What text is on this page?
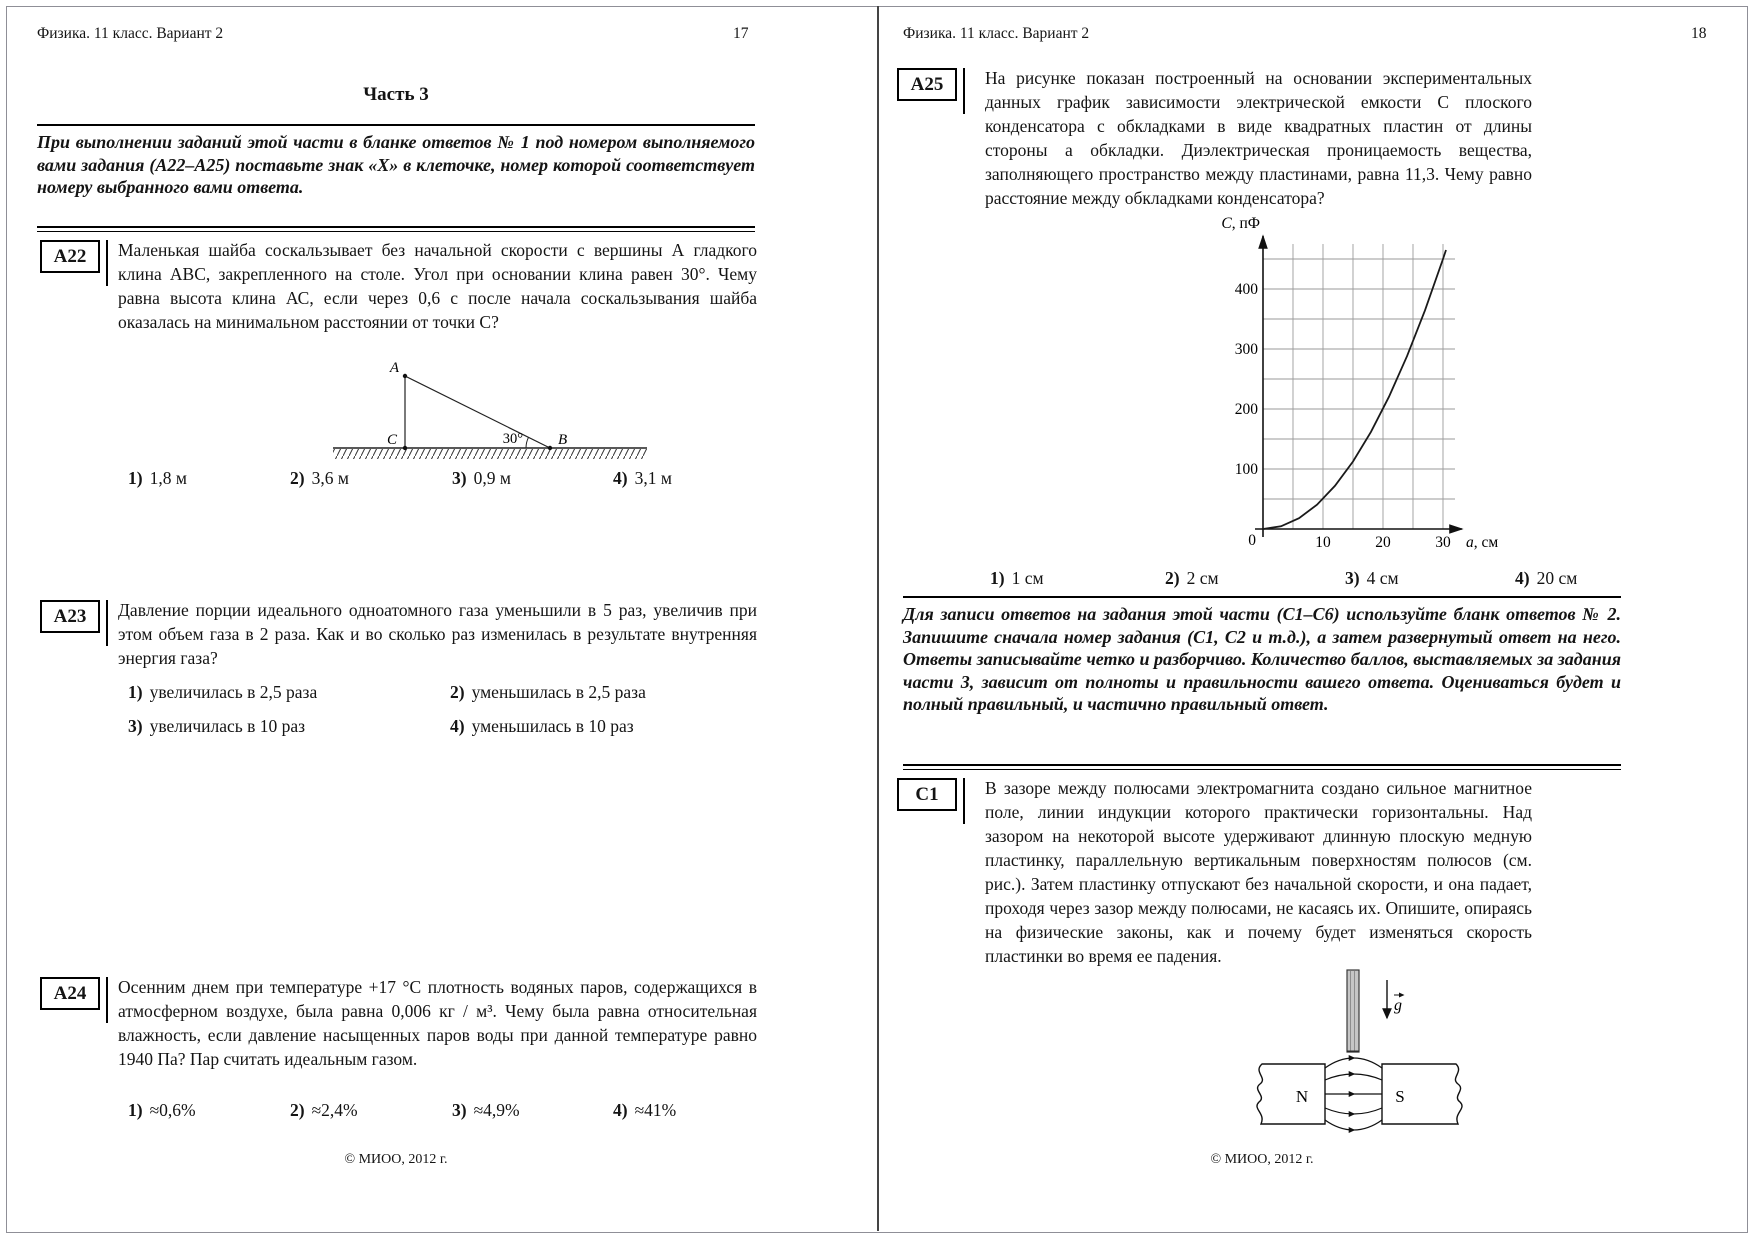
Физика. 11 класс. Вариант 2	17
Часть 3
При выполнении заданий этой части в бланке ответов № 1 под номером выполняемого вами задания (А22–А25) поставьте знак «Х» в клеточке, номер которой соответствует номеру выбранного вами ответа.
А22	Маленькая шайба соскальзывает без начальной скорости с вершины А гладкого клина АВС, закрепленного на столе. Угол при основании клина равен 30°. Чему равна высота клина АС, если через 0,6 с после начала соскальзывания шайба оказалась на минимальном расстоянии от точки С?
A
C	B
30°
1) 1,8 м	2) 3,6 м	3) 0,9 м	4) 3,1 м
А23	Давление порции идеального одноатомного газа уменьшили в 5 раз, увеличив при этом объем газа в 2 раза. Как и во сколько раз изменилась в результате внутренняя энергия газа?
1) увеличилась в 2,5 раза	2) уменьшилась в 2,5 раза
3) увеличилась в 10 раз	4) уменьшилась в 10 раз
А24	Осенним днем при температуре +17 °С плотность водяных паров, содержащихся в атмосферном воздухе, была равна 0,006 кг / м³. Чему была равна относительная влажность, если давление насыщенных паров воды при данной температуре равно 1940 Па? Пар считать идеальным газом.
1) ≈0,6%	2) ≈2,4%	3) ≈4,9%	4) ≈41%
© МИОО, 2012 г.
Физика. 11 класс. Вариант 2	18
А25	На рисунке показан построенный на основании экспериментальных данных график зависимости электрической емкости С плоского конденсатора с обкладками в виде квадратных пластин от длины стороны а обкладки. Диэлектрическая проницаемость вещества, заполняющего пространство между пластинами, равна 11,3. Чему равно расстояние между обкладками конденсатора?
С, пФ
а, см
0
100
200
300
400
10	20	30
1) 1 см	2) 2 см	3) 4 см	4) 20 см
Для записи ответов на задания этой части (С1–С6) используйте бланк ответов № 2. Запишите сначала номер задания (С1, С2 и т.д.), а затем развернутый ответ на него. Ответы записывайте четко и разборчиво. Количество баллов, выставляемых за задания части 3, зависит от полноты и правильности вашего ответа. Оцениваться будет и полный правильный, и частично правильный ответ.
С1	В зазоре между полюсами электромагнита создано сильное магнитное поле, линии индукции которого практически горизонтальны. Над зазором на некоторой высоте удерживают длинную плоскую медную пластинку, параллельную вертикальным поверхностям полюсов (см. рис.). Затем пластинку отпускают без начальной скорости, и она падает, проходя через зазор между полюсами, не касаясь их. Опишите, опираясь на физические законы, как и почему будет изменяться скорость пластинки во время ее падения.
g
N	S
© МИОО, 2012 г.
